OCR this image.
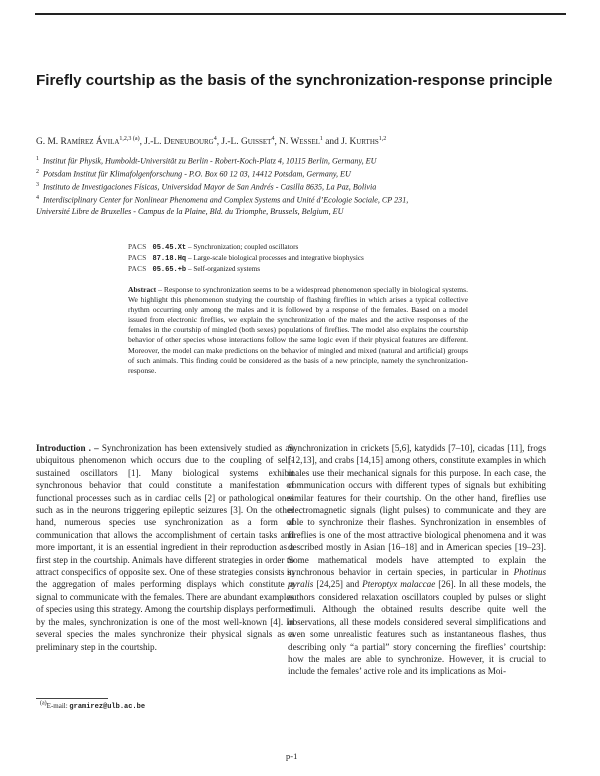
Firefly courtship as the basis of the synchronization-response principle
G. M. Ramírez Ávila$^{1,2,3 (a)}$, J.-L. Deneubourg$^4$, J.-L. Guisset$^4$, N. Wessel$^1$ and J. Kurths$^{1,2}$
$^1$ Institut für Physik, Humboldt-Universität zu Berlin - Robert-Koch-Platz 4, 10115 Berlin, Germany, EU
$^2$ Potsdam Institut für Klimafolgenforschung - P.O. Box 60 12 03, 14412 Potsdam, Germany, EU
$^3$ Instituto de Investigaciones Físicas, Universidad Mayor de San Andrés - Casilla 8635, La Paz, Bolivia
$^4$ Interdisciplinary Center for Nonlinear Phenomena and Complex Systems and Unité d’Ecologie Sociale, CP 231,
Université Libre de Bruxelles - Campus de la Plaine, Bld. du Triomphe, Brussels, Belgium, EU
PACS 05.45.Xt – Synchronization; coupled oscillators
PACS 87.18.Hq – Large-scale biological processes and integrative biophysics
PACS 05.65.+b – Self-organized systems

Abstract – Response to synchronization seems to be a widespread phenomenon specially in biological systems. We highlight this phenomenon studying the courtship of flashing fireflies in which arises a typical collective rhythm occurring only among the males and it is followed by a response of the females. Based on a model issued from electronic fireflies, we explain the synchronization of the males and the active responses of the females in the courtship of mingled (both sexes) populations of fireflies. The model also explains the courtship behavior of other species whose interactions follow the same logic even if their physical features are different. Moreover, the model can make predictions on the behavior of mingled and mixed (natural and artificial) groups of such animals. This finding could be considered as the basis of a new principle, namely the synchronization-response.

Introduction . – Synchronization has been extensively studied as an ubiquitous phenomenon which occurs due to the coupling of self-sustained oscillators [1]. Many biological systems exhibit synchronous behavior that could constitute a manifestation of functional processes such as in cardiac cells [2] or pathological ones such as in the neurons triggering epileptic seizures [3]. On the other hand, numerous species use synchronization as a form of communication that allows the accomplishment of certain tasks and more important, it is an essential ingredient in their reproduction as a first step in the courtship. Animals have different strategies in order to attract conspecifics of opposite sex. One of these strategies consists in the aggregation of males performing displays which constitute a signal to communicate with the females. There are abundant examples of species using this strategy. Among the courtship displays performed by the males, synchronization is one of the most well-known [4]. In several species the males synchronize their physical signals as a preliminary step in the courtship.

Synchronization in crickets [5,6], katydids [7–10], cicadas [11], frogs [12,13], and crabs [14,15] among others, constitute examples in which males use their mechanical signals for this purpose. In each case, the communication occurs with different types of signals but exhibiting similar features for their courtship. On the other hand, fireflies use electromagnetic signals (light pulses) to communicate and they are able to synchronize their flashes. Synchronization in ensembles of fireflies is one of the most attractive biological phenomena and it was described mostly in Asian [16–18] and in American species [19–23]. Some mathematical models have attempted to explain the synchronous behavior in certain species, in particular in Photinus pyralis [24,25] and Pteroptyx malaccae [26]. In all these models, the authors considered relaxation oscillators coupled by pulses or slight stimuli. Although the obtained results describe quite well the observations, all these models considered several simplifications and even some unrealistic features such as instantaneous flashes, thus describing only “a partial” story concerning the fireflies’ courtship: how the males are able to synchronize. However, it is crucial to include the females’ active role and its implications as Moi-

$^{(a)}$E-mail: gramirez@ulb.ac.be
p-1
